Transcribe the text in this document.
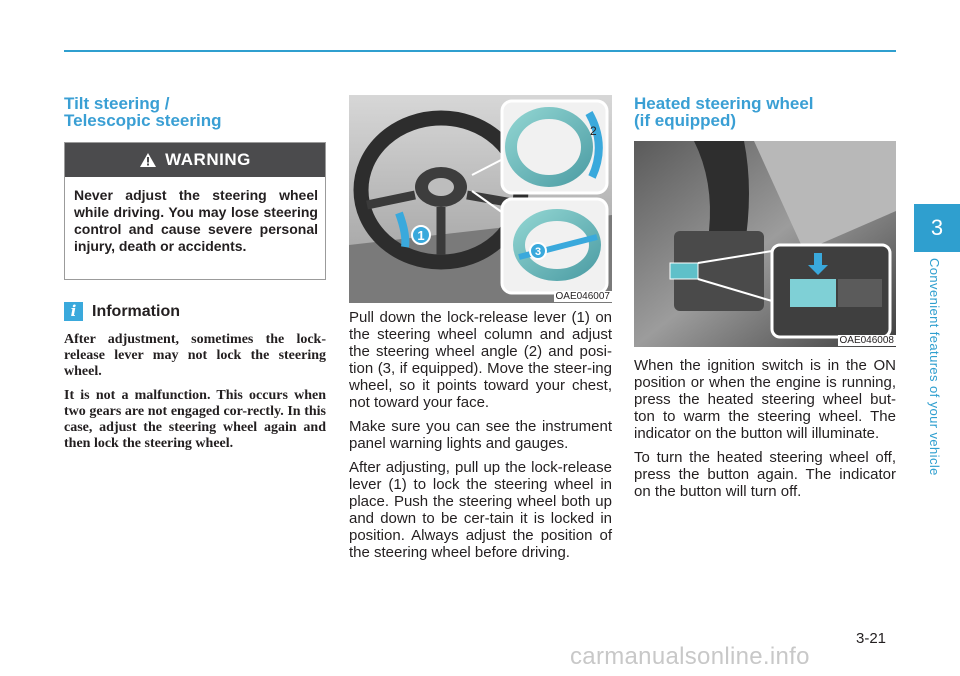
Tilt steering /
Telescopic steering
WARNING
Never adjust the steering wheel while driving. You may lose steering control and cause severe personal injury, death or accidents.
i Information

After adjustment, sometimes the lock-release lever may not lock the steering wheel.

It is not a malfunction. This occurs when two gears are not engaged cor-rectly. In this case, adjust the steering wheel again and then lock the steering wheel.

1
2
3
OAE046007

Pull down the lock-release lever (1) on the steering wheel column and adjust the steering wheel angle (2) and posi-tion (3, if equipped). Move the steer-ing wheel, so it points toward your chest, not toward your face.

Make sure you can see the instrument panel warning lights and gauges.

After adjusting, pull up the lock-release lever (1) to lock the steering wheel in place. Push the steering wheel both up and down to be cer-tain it is locked in position. Always adjust the position of the steering wheel before driving.

Heated steering wheel
(if equipped)
OAE046008

When the ignition switch is in the ON position or when the engine is running, press the heated steering wheel but-ton to warm the steering wheel. The indicator on the button will illuminate.

To turn the heated steering wheel off, press the button again. The indicator on the button will turn off.

3
Convenient features of your vehicle
3-21
carmanualsonline.info
